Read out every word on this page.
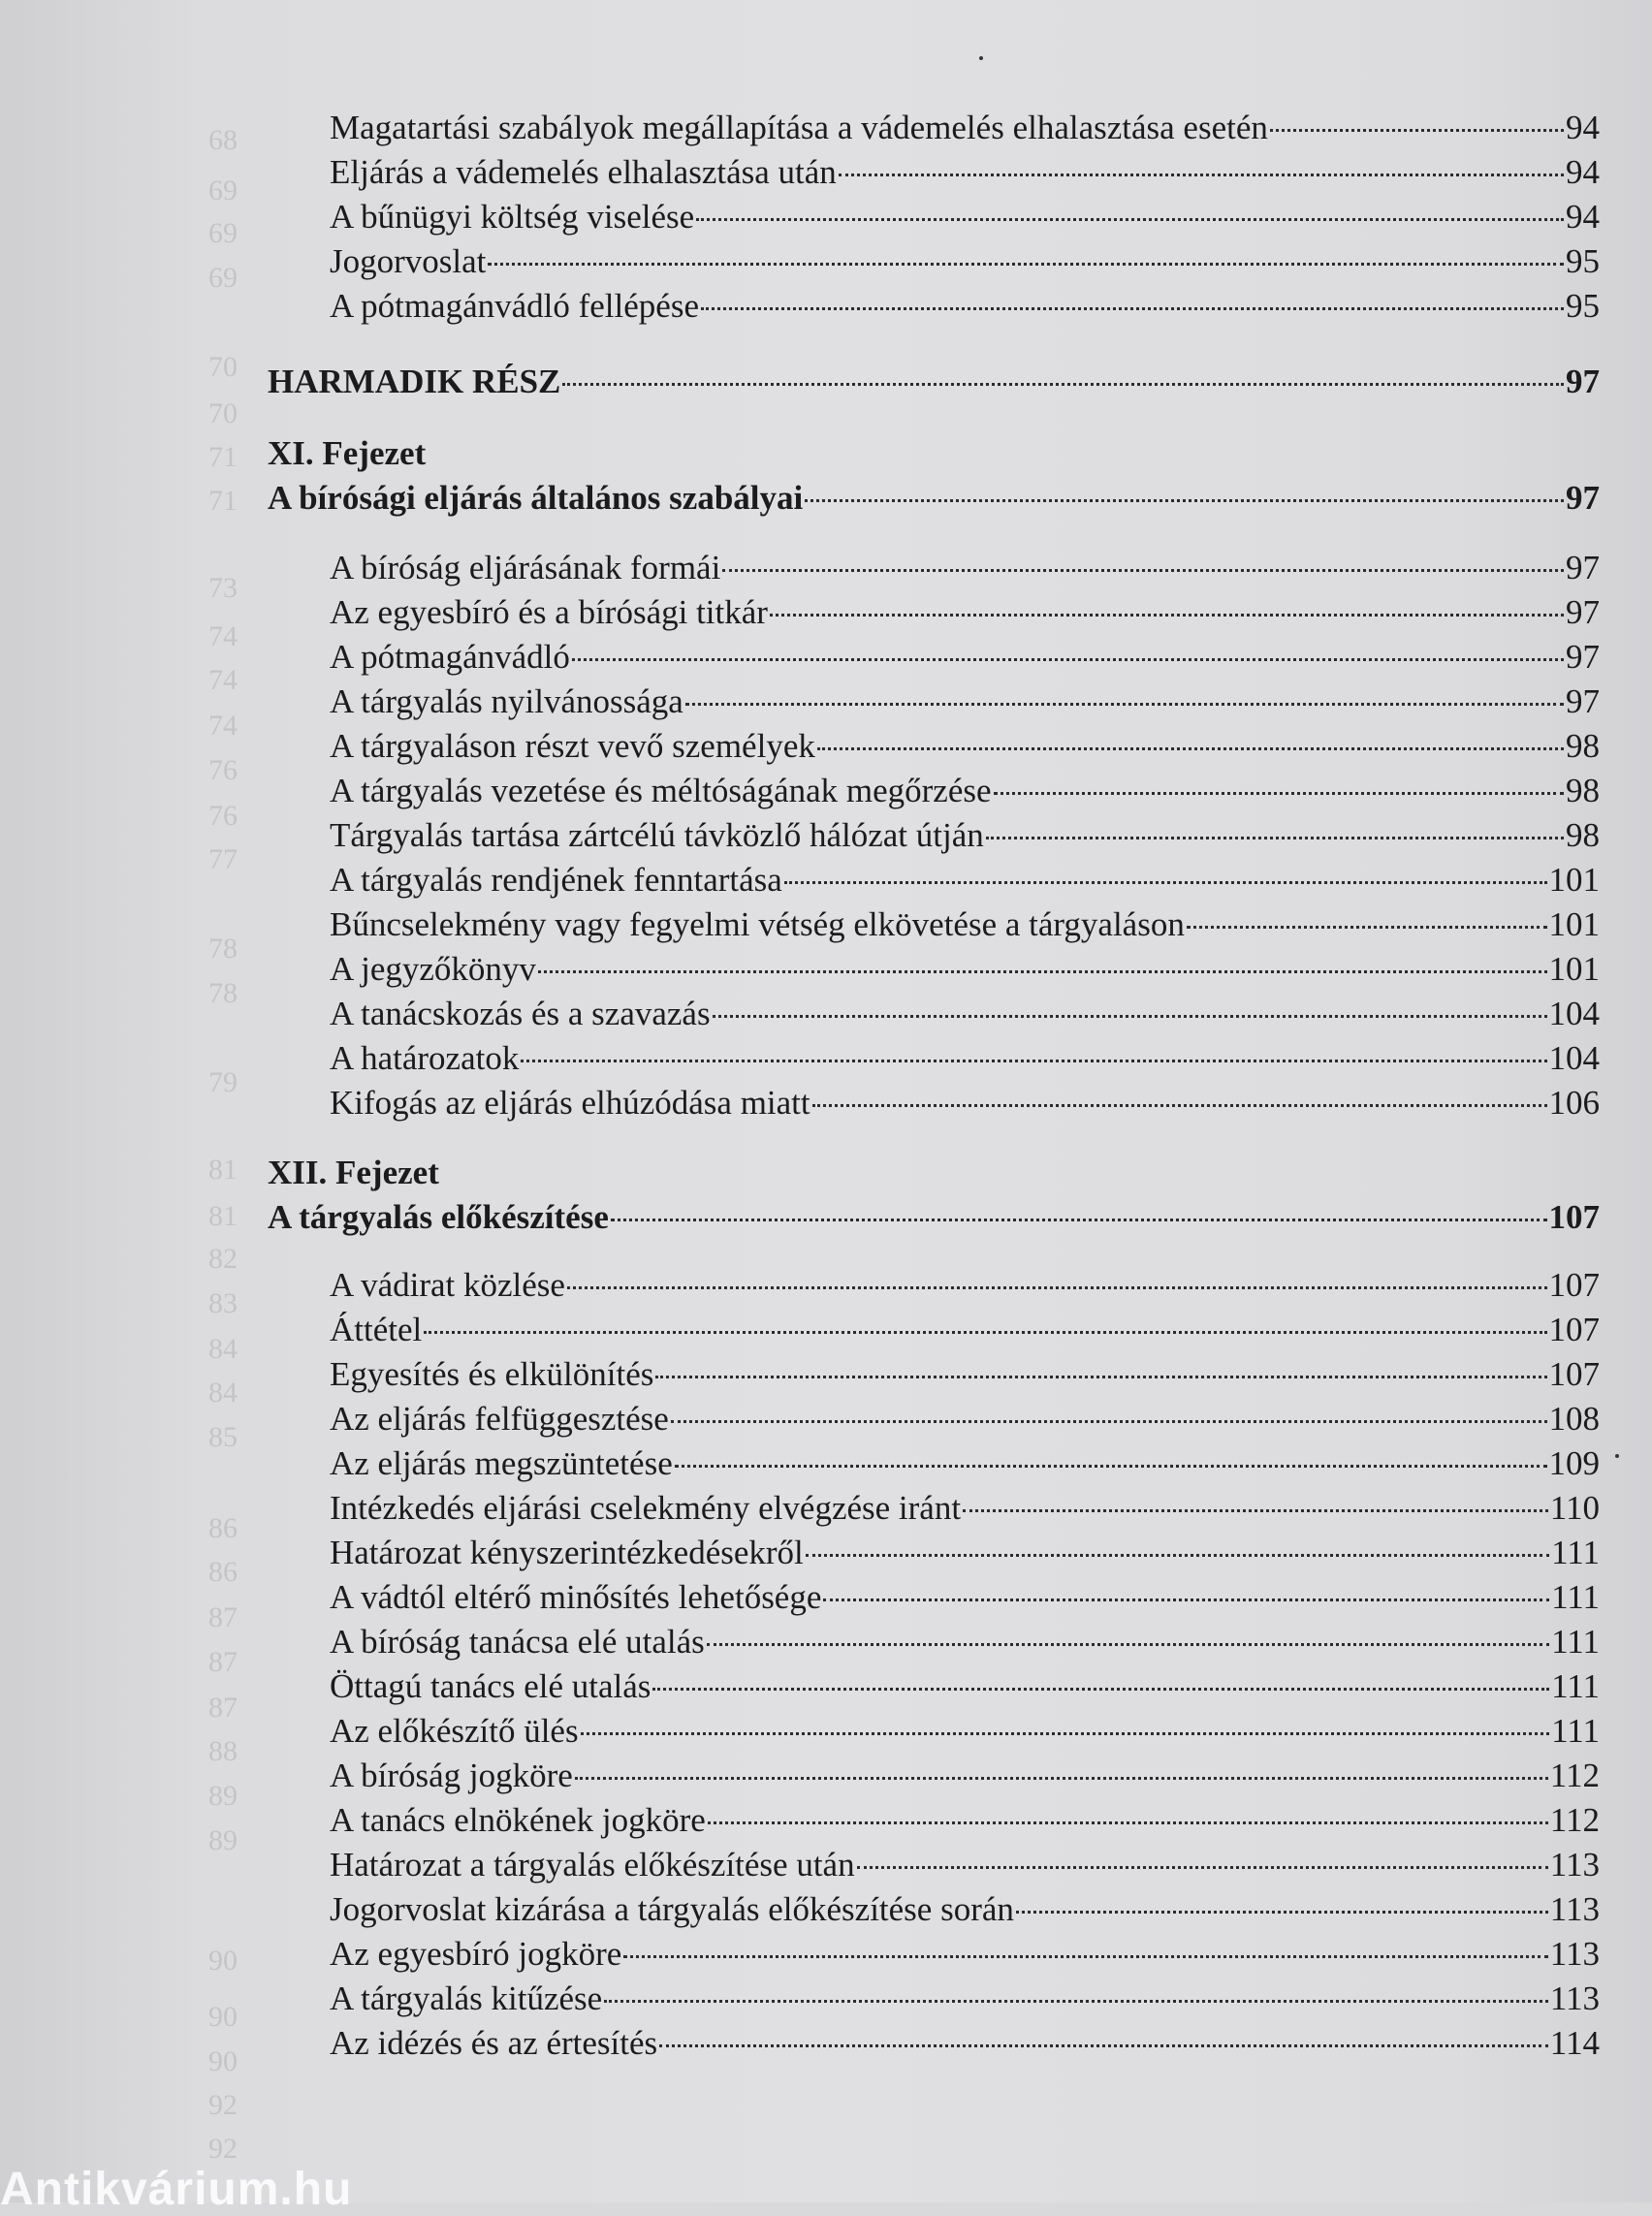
68
69
69
69
70
70
71
71
73
74
74
74
76
76
77
78
78
79
81
81
82
83
84
84
85
86
86
87
87
87
88
89
89
90
90
90
92
92
Magatartási szabályok megállapítása a vádemelés elhalasztása esetén	94
Eljárás a vádemelés elhalasztása után	94
A bűnügyi költség viselése	94
Jogorvoslat	95
A pótmagánvádló fellépése	95
HARMADIK RÉSZ	97
XI. Fejezet
A bírósági eljárás általános szabályai	97
A bíróság eljárásának formái	97
Az egyesbíró és a bírósági titkár	97
A pótmagánvádló	97
A tárgyalás nyilvánossága	97
A tárgyaláson részt vevő személyek	98
A tárgyalás vezetése és méltóságának megőrzése	98
Tárgyalás tartása zártcélú távközlő hálózat útján	98
A tárgyalás rendjének fenntartása	101
Bűncselekmény vagy fegyelmi vétség elkövetése a tárgyaláson	101
A jegyzőkönyv	101
A tanácskozás és a szavazás	104
A határozatok	104
Kifogás az eljárás elhúzódása miatt	106
XII. Fejezet
A tárgyalás előkészítése	107
A vádirat közlése	107
Áttétel	107
Egyesítés és elkülönítés	107
Az eljárás felfüggesztése	108
Az eljárás megszüntetése	109
Intézkedés eljárási cselekmény elvégzése iránt	110
Határozat kényszerintézkedésekről	111
A vádtól eltérő minősítés lehetősége	111
A bíróság tanácsa elé utalás	111
Öttagú tanács elé utalás	111
Az előkészítő ülés	111
A bíróság jogköre	112
A tanács elnökének jogköre	112
Határozat a tárgyalás előkészítése után	113
Jogorvoslat kizárása a tárgyalás előkészítése során	113
Az egyesbíró jogköre	113
A tárgyalás kitűzése	113
Az idézés és az értesítés	114
Antikvárium.hu
